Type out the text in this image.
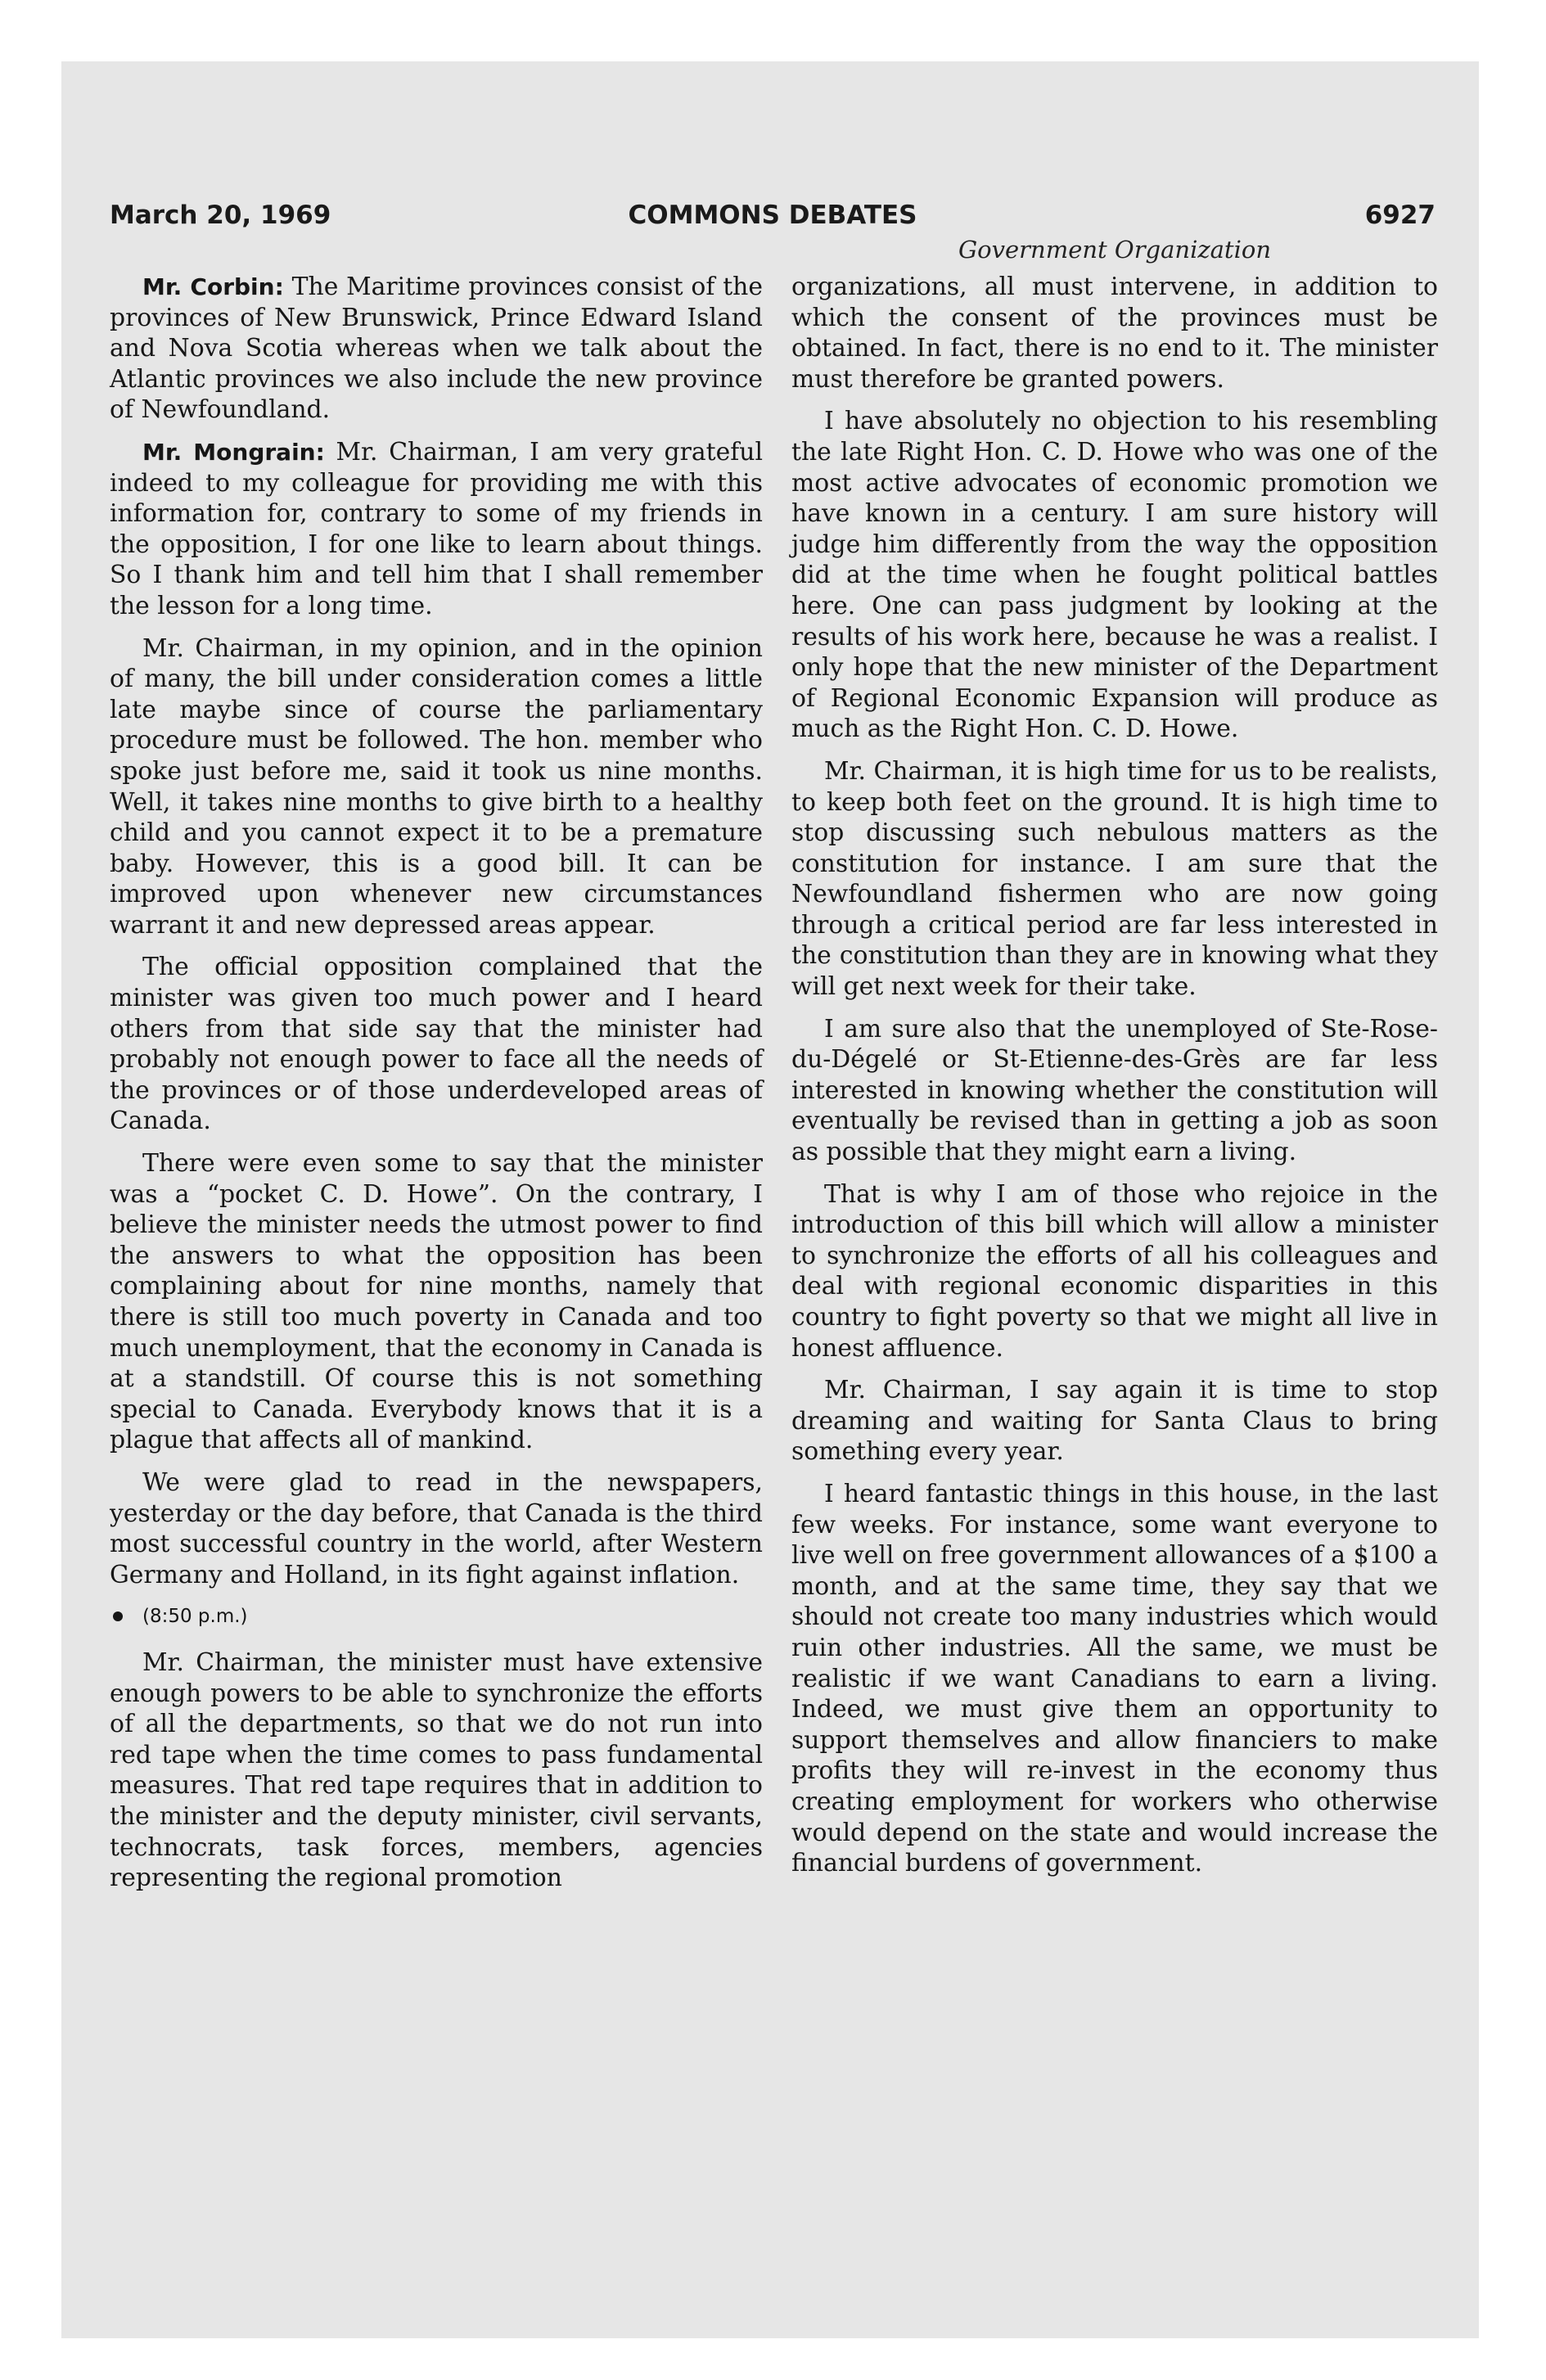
March 20, 1969	COMMONS DEBATES	6927
Government Organization

Mr. Corbin: The Maritime provinces consist of the provinces of New Brunswick, Prince Edward Island and Nova Scotia whereas when we talk about the Atlantic provinces we also include the new province of Newfoundland.

Mr. Mongrain: Mr. Chairman, I am very grateful indeed to my colleague for providing me with this information for, contrary to some of my friends in the opposition, I for one like to learn about things. So I thank him and tell him that I shall remember the lesson for a long time.

Mr. Chairman, in my opinion, and in the opinion of many, the bill under consideration comes a little late maybe since of course the parliamentary procedure must be followed. The hon. member who spoke just before me, said it took us nine months. Well, it takes nine months to give birth to a healthy child and you cannot expect it to be a premature baby. However, this is a good bill. It can be improved upon whenever new circumstances warrant it and new depressed areas appear.

The official opposition complained that the minister was given too much power and I heard others from that side say that the minister had probably not enough power to face all the needs of the provinces or of those underdeveloped areas of Canada.

There were even some to say that the minister was a “pocket C. D. Howe”. On the contrary, I believe the minister needs the utmost power to find the answers to what the opposition has been complaining about for nine months, namely that there is still too much poverty in Canada and too much unemployment, that the economy in Canada is at a standstill. Of course this is not something special to Canada. Everybody knows that it is a plague that affects all of mankind.

We were glad to read in the newspapers, yesterday or the day before, that Canada is the third most successful country in the world, after Western Germany and Holland, in its fight against inflation.

(8:50 p.m.)

Mr. Chairman, the minister must have extensive enough powers to be able to synchronize the efforts of all the departments, so that we do not run into red tape when the time comes to pass fundamental measures. That red tape requires that in addition to the minister and the deputy minister, civil servants, technocrats, task forces, members, agencies representing the regional promotion

organizations, all must intervene, in addition to which the consent of the provinces must be obtained. In fact, there is no end to it. The minister must therefore be granted powers.

I have absolutely no objection to his resembling the late Right Hon. C. D. Howe who was one of the most active advocates of economic promotion we have known in a century. I am sure history will judge him differently from the way the opposition did at the time when he fought political battles here. One can pass judgment by looking at the results of his work here, because he was a realist. I only hope that the new minister of the Department of Regional Economic Expansion will produce as much as the Right Hon. C. D. Howe.

Mr. Chairman, it is high time for us to be realists, to keep both feet on the ground. It is high time to stop discussing such nebulous matters as the constitution for instance. I am sure that the Newfoundland fishermen who are now going through a critical period are far less interested in the constitution than they are in knowing what they will get next week for their take.

I am sure also that the unemployed of Ste-Rose-du-Dégelé or St-Etienne-des-Grès are far less interested in knowing whether the constitution will eventually be revised than in getting a job as soon as possible that they might earn a living.

That is why I am of those who rejoice in the introduction of this bill which will allow a minister to synchronize the efforts of all his colleagues and deal with regional economic disparities in this country to fight poverty so that we might all live in honest affluence.

Mr. Chairman, I say again it is time to stop dreaming and waiting for Santa Claus to bring something every year.

I heard fantastic things in this house, in the last few weeks. For instance, some want everyone to live well on free government allowances of a $100 a month, and at the same time, they say that we should not create too many industries which would ruin other industries. All the same, we must be realistic if we want Canadians to earn a living. Indeed, we must give them an opportunity to support themselves and allow financiers to make profits they will re-invest in the economy thus creating employment for workers who otherwise would depend on the state and would increase the financial burdens of government.
